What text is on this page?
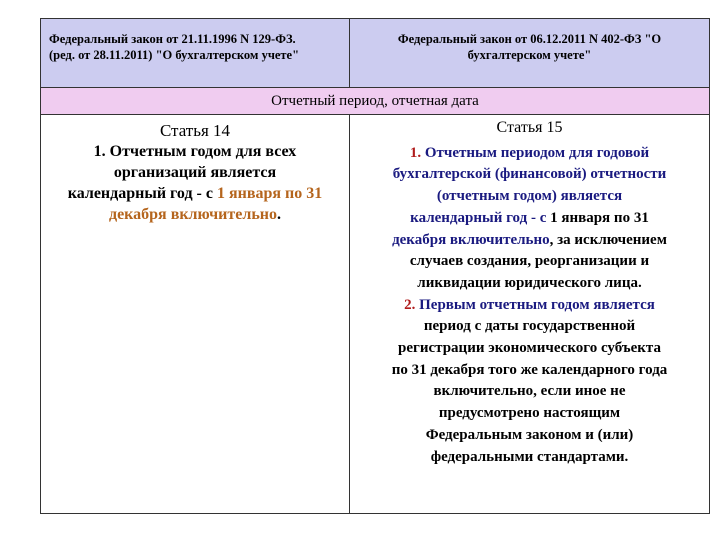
Федеральный закон от 21.11.1996 N 129-ФЗ.
(ред. от 28.11.2011) "О бухгалтерском учете"
Федеральный закон от 06.12.2011 N 402-ФЗ "О
бухгалтерском учете"
Отчетный период, отчетная дата
Статья 14
1. Отчетным годом для всех
организаций является
календарный год - с 1 января по 31
декабря включительно.
Статья 15
1. Отчетным периодом для годовой
бухгалтерской (финансовой) отчетности
(отчетным годом) является
календарный год - с 1 января по 31
декабря включительно, за исключением
случаев создания, реорганизации и
ликвидации юридического лица.
2. Первым отчетным годом является
период с даты государственной
регистрации экономического субъекта
по 31 декабря того же календарного года
включительно, если иное не
предусмотрено настоящим
Федеральным законом и (или)
федеральными стандартами.
